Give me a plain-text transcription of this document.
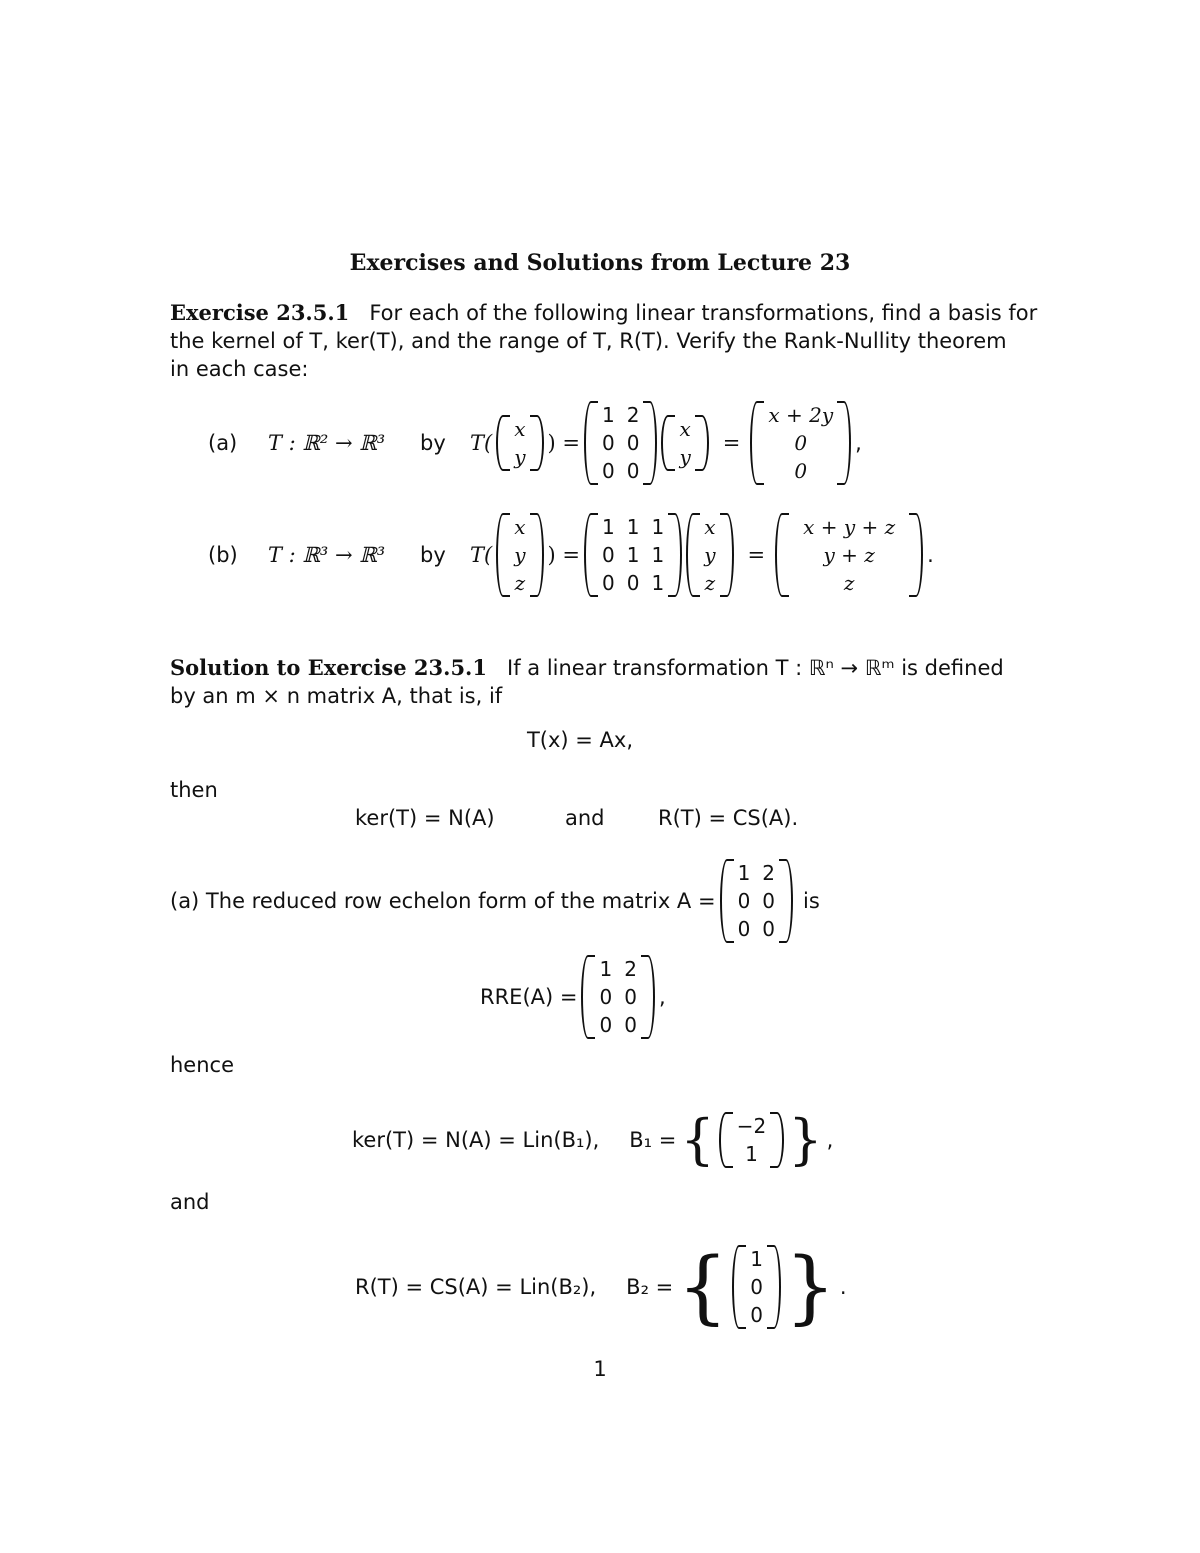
Exercises and Solutions from Lecture 23
Exercise 23.5.1 For each of the following linear transformations, find a basis for
the kernel of T, ker(T), and the range of T, R(T). Verify the Rank-Nullity theorem
in each case:
(a)	T : ℝ² → ℝ³	by	T(
x
y
) =
1 2
0 0
0 0
x
y
=
x + 2y
0
0
,
(b)	T : ℝ³ → ℝ³	by	T(
x
y
z
) =
1 1 1
0 1 1
0 0 1
x
y
z
=
x + y + z
y + z
z
.
Solution to Exercise 23.5.1 If a linear transformation T : ℝⁿ → ℝᵐ is defined
by an m × n matrix A, that is, if
T(x) = Ax,
then
ker(T) = N(A)	and	R(T) = CS(A).
(a) The reduced row echelon form of the matrix A =
1 2
0 0
0 0
is
RRE(A) =
1 2
0 0
0 0
,
hence
ker(T) = N(A) = Lin(B₁), B₁ = { −2
1 } ,
and
R(T) = CS(A) = Lin(B₂), B₂ = { 1
0
0 } .
1
